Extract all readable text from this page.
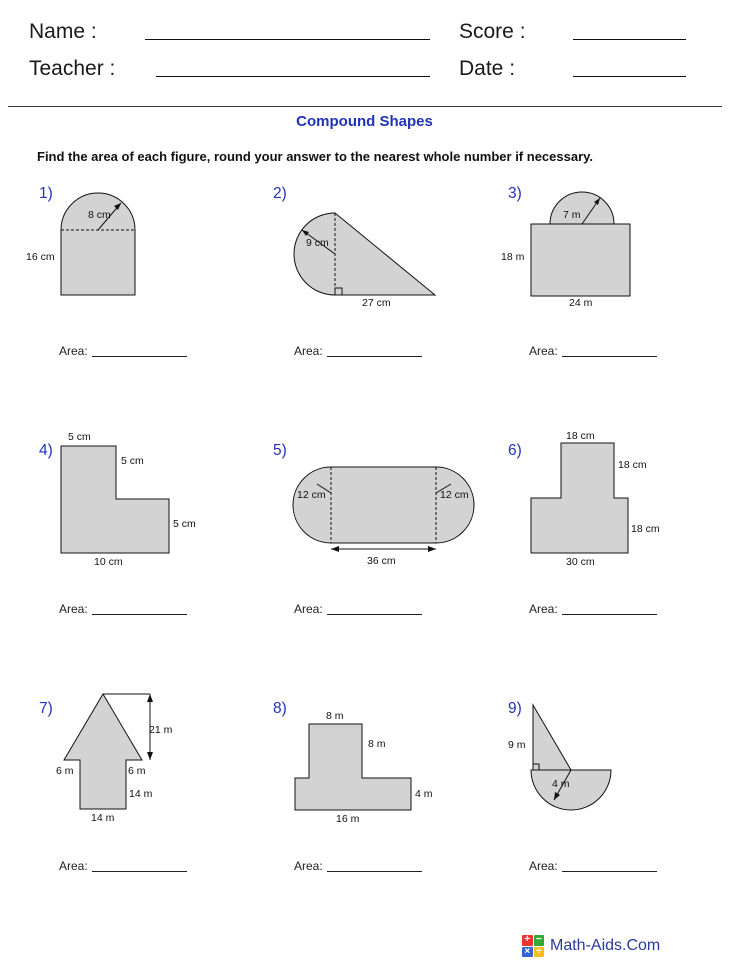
Name :
Teacher :
Score :
Date :
Compound Shapes
Find the area of each figure, round your answer to the nearest whole number if necessary.
1)	2)	3)
4)	5)	6)
7)	8)	9)
8 cm
16 cm
9 cm
27 cm
7 m
18 m
24 m
5 cm
5 cm
5 cm
10 cm
12 cm	12 cm
36 cm
18 cm
18 cm
18 cm
30 cm
21 m
6 m	6 m
14 m
14 m
8 m
8 m
4 m
16 m
9 m
4 m
Area:	Area:	Area:
Area:	Area:	Area:
Area:	Area:	Area:
+ −
× ÷ Math-Aids.Com
